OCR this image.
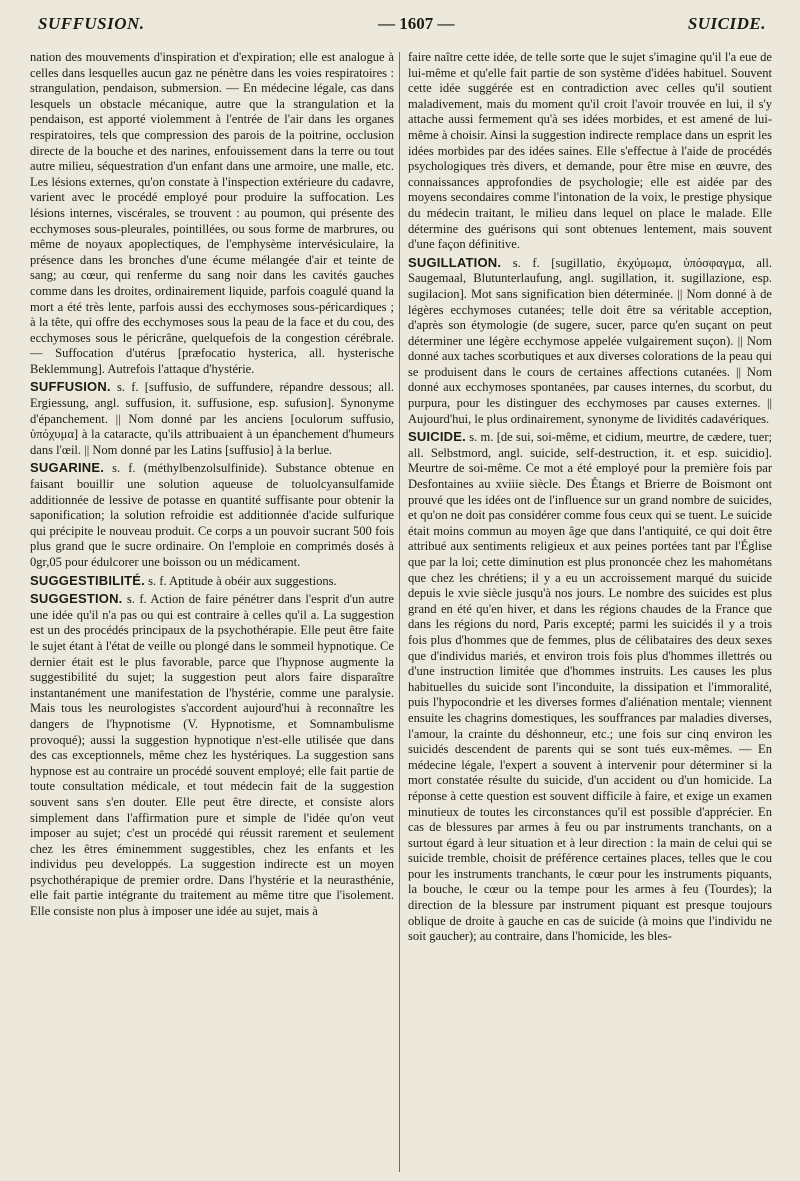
SUFFUSION.	— 1607 —	SUICIDE.

nation des mouvements d'inspiration et d'expiration; elle est analogue à celles dans lesquelles aucun gaz ne pénètre dans les voies respiratoires : strangulation, pendaison, submersion. — En médecine légale, cas dans lesquels un obstacle mécanique, autre que la strangulation et la pendaison, est apporté violemment à l'entrée de l'air dans les organes respiratoires, tels que compression des parois de la poitrine, occlusion directe de la bouche et des narines, enfouissement dans la terre ou tout autre milieu, séquestration d'un enfant dans une armoire, une malle, etc. Les lésions externes, qu'on constate à l'inspection extérieure du cadavre, varient avec le procédé employé pour produire la suffocation. Les lésions internes, viscérales, se trouvent : au poumon, qui présente des ecchymoses sous-pleurales, pointillées, ou sous forme de marbrures, ou même de noyaux apoplectiques, de l'emphysème intervésiculaire, la présence dans les bronches d'une écume mélangée d'air et teinte de sang; au cœur, qui renferme du sang noir dans les cavités gauches comme dans les droites, ordinairement liquide, parfois coagulé quand la mort a été très lente, parfois aussi des ecchymoses sous-péricardiques ; à la tête, qui offre des ecchymoses sous la peau de la face et du cou, des ecchymoses sous le péricrâne, quelquefois de la congestion cérébrale. — Suffocation d'utérus [præfocatio hysterica, all. hysterische Beklemmung]. Autrefois l'attaque d'hystérie.

SUFFUSION. s. f. [suffusio, de suffundere, répandre dessous; all. Ergiessung, angl. suffusion, it. suffusione, esp. sufusion]. Synonyme d'épanchement. || Nom donné par les anciens [oculorum suffusio, ὑπόχυμα] à la cataracte, qu'ils attribuaient à un épanchement d'humeurs dans l'œil. || Nom donné par les Latins [suffusio] à la berlue.

SUGARINE. s. f. (méthylbenzolsulfinide). Substance obtenue en faisant bouillir une solution aqueuse de toluolcyansulfamide additionnée de lessive de potasse en quantité suffisante pour obtenir la saponification; la solution refroidie est additionnée d'acide sulfurique qui précipite le nouveau produit. Ce corps a un pouvoir sucrant 500 fois plus grand que le sucre ordinaire. On l'emploie en comprimés dosés à 0gr,05 pour édulcorer une boisson ou un médicament.

SUGGESTIBILITÉ. s. f. Aptitude à obéir aux suggestions.

SUGGESTION. s. f. Action de faire pénétrer dans l'esprit d'un autre une idée qu'il n'a pas ou qui est contraire à celles qu'il a. La suggestion est un des procédés principaux de la psychothérapie. Elle peut être faite le sujet étant à l'état de veille ou plongé dans le sommeil hypnotique. Ce dernier était est le plus favorable, parce que l'hypnose augmente la suggestibilité du sujet; la suggestion peut alors faire disparaître instantanément une manifestation de l'hystérie, comme une paralysie. Mais tous les neurologistes s'accordent aujourd'hui à reconnaître les dangers de l'hypnotisme (V. Hypnotisme, et Somnambulisme provoqué); aussi la suggestion hypnotique n'est-elle utilisée que dans des cas exceptionnels, même chez les hystériques. La suggestion sans hypnose est au contraire un procédé souvent employé; elle fait partie de toute consultation médicale, et tout médecin fait de la suggestion souvent sans s'en douter. Elle peut être directe, et consiste alors simplement dans l'affirmation pure et simple de l'idée qu'on veut imposer au sujet; c'est un procédé qui réussit rarement et seulement chez les êtres éminemment suggestibles, chez les enfants et les individus peu developpés. La suggestion indirecte est un moyen psychothérapique de premier ordre. Dans l'hystérie et la neurasthénie, elle fait partie intégrante du traitement au même titre que l'isolement. Elle consiste non plus à imposer une idée au sujet, mais à

faire naître cette idée, de telle sorte que le sujet s'imagine qu'il l'a eue de lui-même et qu'elle fait partie de son système d'idées habituel. Souvent cette idée suggérée est en contradiction avec celles qu'il soutient maladivement, mais du moment qu'il croit l'avoir trouvée en lui, il s'y attache aussi fermement qu'à ses idées morbides, et est amené de lui-même à choisir. Ainsi la suggestion indirecte remplace dans un esprit les idées morbides par des idées saines. Elle s'effectue à l'aide de procédés psychologiques très divers, et demande, pour être mise en œuvre, des connaissances approfondies de psychologie; elle est aidée par des moyens secondaires comme l'intonation de la voix, le prestige physique du médecin traitant, le milieu dans lequel on place le malade. Elle détermine des guérisons qui sont obtenues lentement, mais souvent d'une façon définitive.

SUGILLATION. s. f. [sugillatio, ἐκχύμωμα, ὑπόσφαγμα, all. Saugemaal, Blutunterlaufung, angl. sugillation, it. sugillazione, esp. sugilacion]. Mot sans signification bien déterminée. || Nom donné à de légères ecchymoses cutanées; telle doit être sa véritable acception, d'après son étymologie (de sugere, sucer, parce qu'en suçant on peut déterminer une légère ecchymose appelée vulgairement suçon). || Nom donné aux taches scorbutiques et aux diverses colorations de la peau qui se produisent dans le cours de certaines affections cutanées. || Nom donné aux ecchymoses spontanées, par causes internes, du scorbut, du purpura, pour les distinguer des ecchymoses par causes externes. || Aujourd'hui, le plus ordinairement, synonyme de lividités cadavériques.

SUICIDE. s. m. [de sui, soi-même, et cidium, meurtre, de cædere, tuer; all. Selbstmord, angl. suicide, self-destruction, it. et esp. suicidio]. Meurtre de soi-même. Ce mot a été employé pour la première fois par Desfontaines au xviiie siècle. Des Étangs et Brierre de Boismont ont prouvé que les idées ont de l'influence sur un grand nombre de suicides, et qu'on ne doit pas considérer comme fous ceux qui se tuent. Le suicide était moins commun au moyen âge que dans l'antiquité, ce qui doit être attribué aux sentiments religieux et aux peines portées tant par l'Église que par la loi; cette diminution est plus prononcée chez les mahométans que chez les chrétiens; il y a eu un accroissement marqué du suicide depuis le xvie siècle jusqu'à nos jours. Le nombre des suicides est plus grand en été qu'en hiver, et dans les régions chaudes de la France que dans les régions du nord, Paris excepté; parmi les suicidés il y a trois fois plus d'hommes que de femmes, plus de célibataires des deux sexes que d'individus mariés, et environ trois fois plus d'hommes illettrés ou d'une instruction limitée que d'hommes instruits. Les causes les plus habituelles du suicide sont l'inconduite, la dissipation et l'immoralité, puis l'hypocondrie et les diverses formes d'aliénation mentale; viennent ensuite les chagrins domestiques, les souffrances par maladies diverses, l'amour, la crainte du déshonneur, etc.; une fois sur cinq environ les suicidés descendent de parents qui se sont tués eux-mêmes. — En médecine légale, l'expert a souvent à intervenir pour déterminer si la mort constatée résulte du suicide, d'un accident ou d'un homicide. La réponse à cette question est souvent difficile à faire, et exige un examen minutieux de toutes les circonstances qu'il est possible d'apprécier. En cas de blessures par armes à feu ou par instruments tranchants, on a surtout égard à leur situation et à leur direction : la main de celui qui se suicide tremble, choisit de préférence certaines places, telles que le cou pour les instruments tranchants, le cœur pour les instruments piquants, la bouche, le cœur ou la tempe pour les armes à feu (Tourdes); la direction de la blessure par instrument piquant est presque toujours oblique de droite à gauche en cas de suicide (à moins que l'individu ne soit gaucher); au contraire, dans l'homicide, les bles-
